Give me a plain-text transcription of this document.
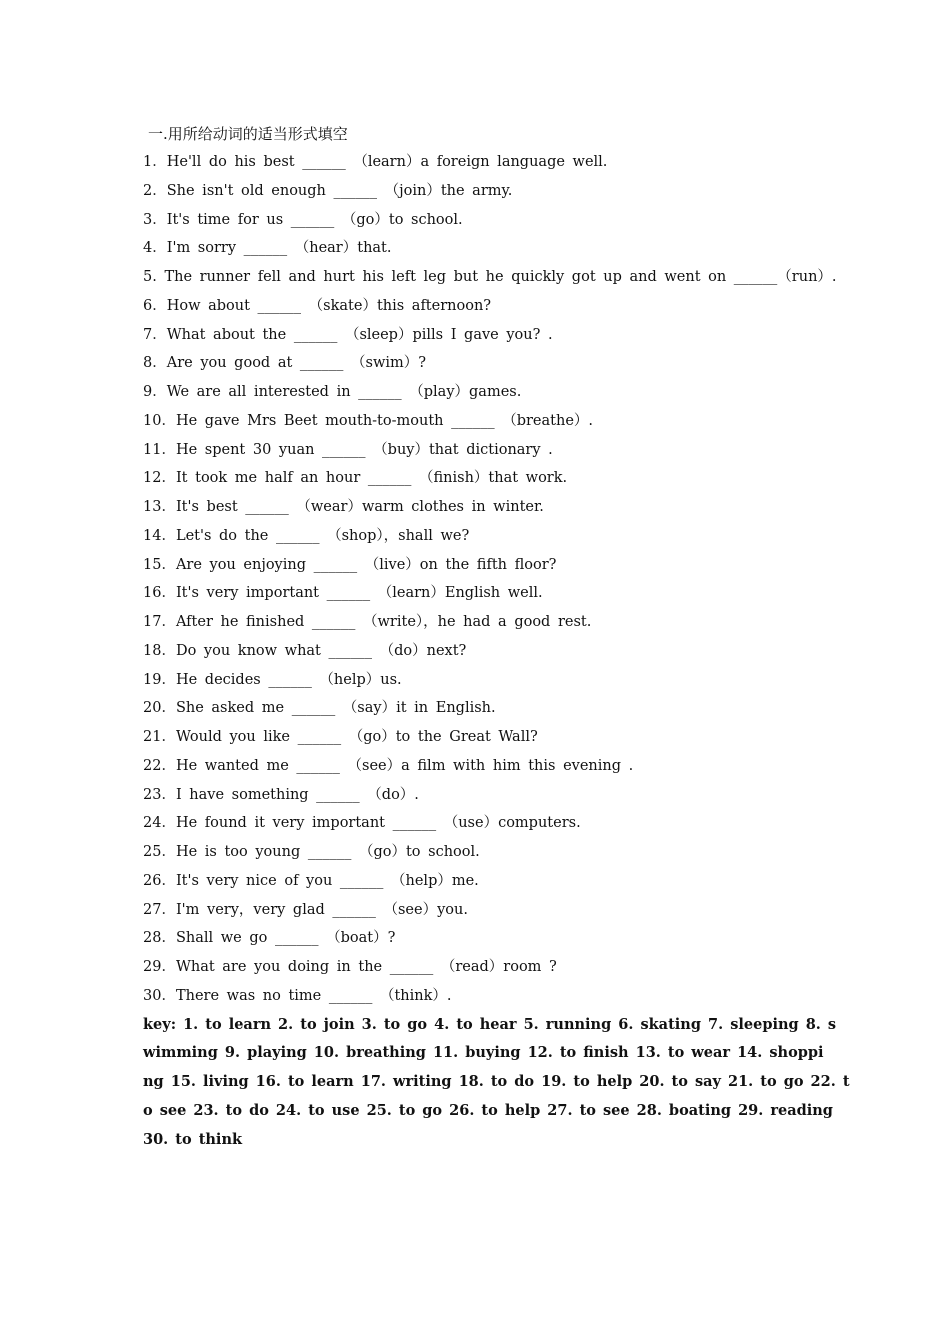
一.用所给动词的适当形式填空
1．He'll do his best ______ （learn）a foreign language well.
2．She isn't old enough ______ （join）the army.
3．It's time for us ______ （go）to school.
4．I'm sorry ______ （hear）that.
5. The runner fell and hurt his left leg but he quickly got up and went on ______（run）.
6．How about ______ （skate）this afternoon?
7．What about the ______ （sleep）pills I gave you? .
8．Are you good at ______ （swim）?
9．We are all interested in ______ （play）games.
10．He gave Mrs Beet mouth-to-mouth ______ （breathe）.
11．He spent 30 yuan ______ （buy）that dictionary .
12．It took me half an hour ______ （finish）that work.
13．It's best ______ （wear）warm clothes in winter.
14．Let's do the ______ （shop），shall we?
15．Are you enjoying ______ （live）on the fifth floor?
16．It's very important ______ （learn）English well.
17．After he finished ______ （write），he had a good rest.
18．Do you know what ______ （do）next?
19．He decides ______ （help）us.
20．She asked me ______ （say）it in English.
21．Would you like ______ （go）to the Great Wall?
22．He wanted me ______ （see）a film with him this evening .
23．I have something ______ （do）.
24．He found it very important ______ （use）computers.
25．He is too young ______ （go）to school.
26．It's very nice of you ______ （help）me.
27．I'm very，very glad ______ （see）you.
28．Shall we go ______ （boat）?
29．What are you doing in the ______ （read）room ?
30．There was no time ______ （think）.
key: 1. to learn 2. to join 3. to go 4. to hear 5. running 6. skating 7. sleeping 8. s
wimming 9. playing 10. breathing 11. buying 12. to finish 13. to wear 14. shoppi
ng 15. living 16. to learn 17. writing 18. to do 19. to help 20. to say 21. to go 22. t
o see 23. to do 24. to use 25. to go 26. to help 27. to see 28. boating 29. reading
30. to think
